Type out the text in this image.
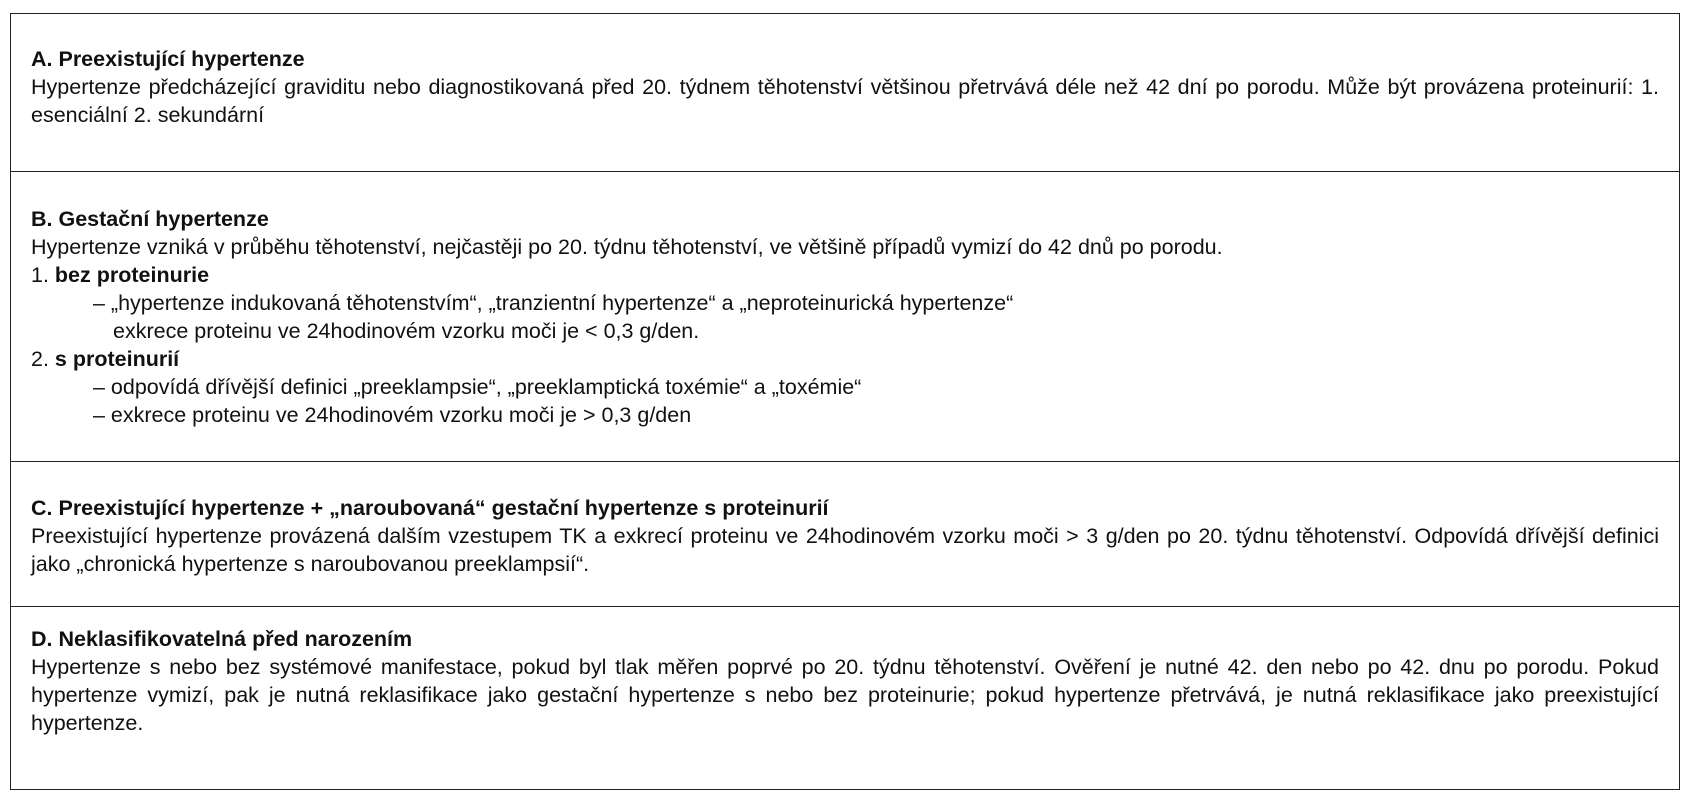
A. Preexistující hypertenze
Hypertenze předcházející graviditu nebo diagnostikovaná před 20. týdnem těhotenství většinou přetrvává déle než 42 dní po porodu. Může být provázena proteinurií: 1. esenciální 2. sekundární
B. Gestační hypertenze
Hypertenze vzniká v průběhu těhotenství, nejčastěji po 20. týdnu těhotenství, ve většině případů vymizí do 42 dnů po porodu.
1. bez proteinurie
– „hypertenze indukovaná těhotenstvím“, „tranzientní hypertenze“ a „neproteinurická hypertenze“
exkrece proteinu ve 24hodinovém vzorku moči je < 0,3 g/den.
2. s proteinurií
– odpovídá dřívější definici „preeklampsie“, „preeklamptická toxémie“ a „toxémie“
– exkrece proteinu ve 24hodinovém vzorku moči je > 0,3 g/den
C. Preexistující hypertenze + „naroubovaná“ gestační hypertenze s proteinurií
Preexistující hypertenze provázená dalším vzestupem TK a exkrecí proteinu ve 24hodinovém vzorku moči > 3 g/den po 20. týdnu těhotenství. Odpovídá dřívější definici jako „chronická hypertenze s naroubovanou preeklampsií“.
D. Neklasifikovatelná před narozením
Hypertenze s nebo bez systémové manifestace, pokud byl tlak měřen poprvé po 20. týdnu těhotenství. Ověření je nutné 42. den nebo po 42. dnu po porodu. Pokud hypertenze vymizí, pak je nutná reklasifikace jako gestační hypertenze s nebo bez proteinurie; pokud hypertenze přetrvává, je nutná reklasifikace jako preexistující hypertenze.
